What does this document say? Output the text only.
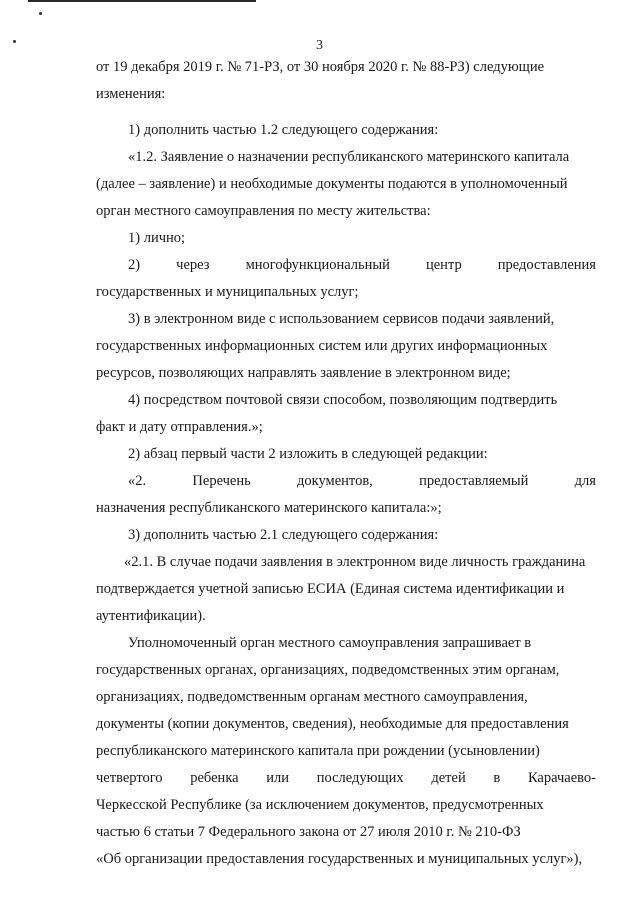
3
от 19 декабря 2019 г. № 71-РЗ, от 30 ноября 2020 г. № 88-РЗ) следующие
изменения:
1) дополнить частью 1.2 следующего содержания:
«1.2. Заявление о назначении республиканского материнского капитала
(далее – заявление) и необходимые документы подаются в уполномоченный
орган местного самоуправления по месту жительства:
1) лично;
2) через многофункциональный центр предоставления
государственных и муниципальных услуг;
3) в электронном виде с использованием сервисов подачи заявлений,
государственных информационных систем или других информационных
ресурсов, позволяющих направлять заявление в электронном виде;
4) посредством почтовой связи способом, позволяющим подтвердить
факт и дату отправления.»;
2) абзац первый части 2 изложить в следующей редакции:
«2.	Перечень	документов,	предоставляемый	для
назначения республиканского материнского капитала:»;
3) дополнить частью 2.1 следующего содержания:
«2.1. В случае подачи заявления в электронном виде личность гражданина
подтверждается учетной записью ЕСИА (Единая система идентификации и
аутентификации).
Уполномоченный орган местного самоуправления запрашивает в
государственных органах, организациях, подведомственных этим органам,
организациях, подведомственным органам местного самоуправления,
документы (копии документов, сведения), необходимые для предоставления
республиканского материнского капитала при рождении (усыновлении)
четвертого ребенка или последующих детей в Карачаево-
Черкесской Республике (за исключением документов, предусмотренных
частью 6 статьи 7 Федерального закона от 27 июля 2010 г. № 210-ФЗ
«Об организации предоставления государственных и муниципальных услуг»),
